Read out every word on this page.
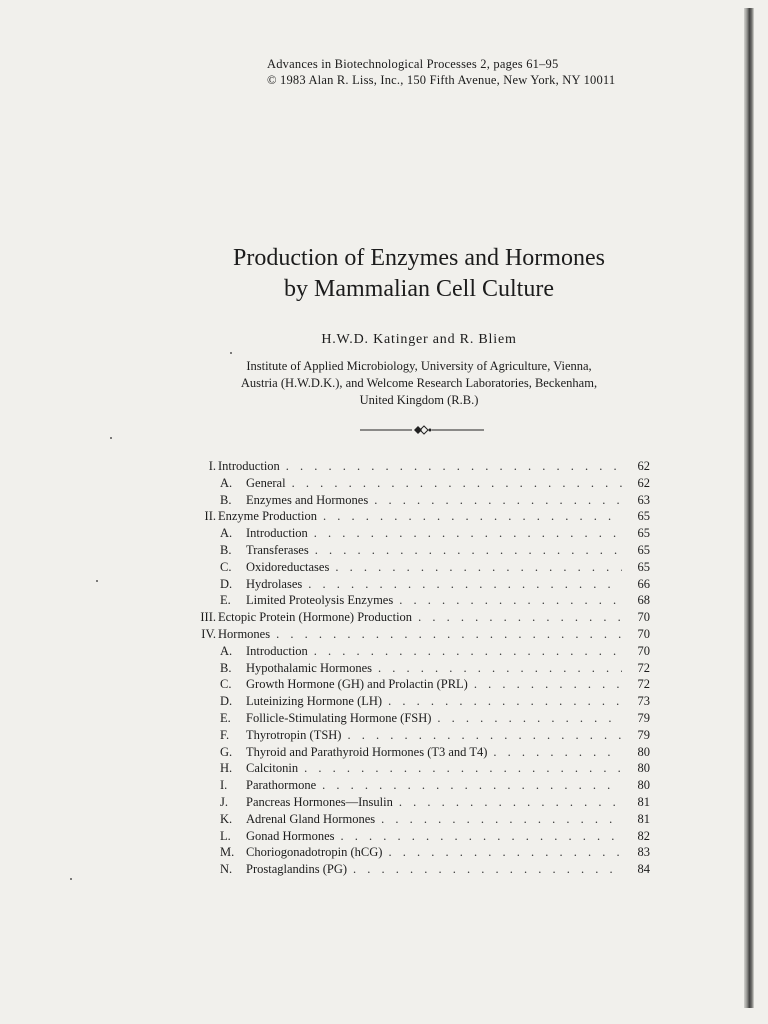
Advances in Biotechnological Processes 2, pages 61–95
© 1983 Alan R. Liss, Inc., 150 Fifth Avenue, New York, NY 10011
Production of Enzymes and Hormones
by Mammalian Cell Culture
H.W.D. Katinger and R. Bliem
Institute of Applied Microbiology, University of Agriculture, Vienna,
Austria (H.W.D.K.), and Welcome Research Laboratories, Beckenham,
United Kingdom (R.B.)
I. Introduction . . .	62
A.	General . . .	62
B.	Enzymes and Hormones . . .	63
II. Enzyme Production . . .	65
A.	Introduction . . .	65
B.	Transferases . . .	65
C.	Oxidoreductases . . .	65
D.	Hydrolases . . .	66
E.	Limited Proteolysis Enzymes . . .	68
III. Ectopic Protein (Hormone) Production . . .	70
IV. Hormones . . .	70
A.	Introduction . . .	70
B.	Hypothalamic Hormones . . .	72
C.	Growth Hormone (GH) and Prolactin (PRL) . . .	72
D.	Luteinizing Hormone (LH) . . .	73
E.	Follicle-Stimulating Hormone (FSH) . . .	79
F.	Thyrotropin (TSH) . . .	79
G.	Thyroid and Parathyroid Hormones (T3 and T4) . . .	80
H.	Calcitonin . . .	80
I.	Parathormone . . .	80
J.	Pancreas Hormones—Insulin . . .	81
K.	Adrenal Gland Hormones . . .	81
L.	Gonad Hormones . . .	82
M. Choriogonadotropin (hCG) . . .	83
N.	Prostaglandins (PG) . . .	84
